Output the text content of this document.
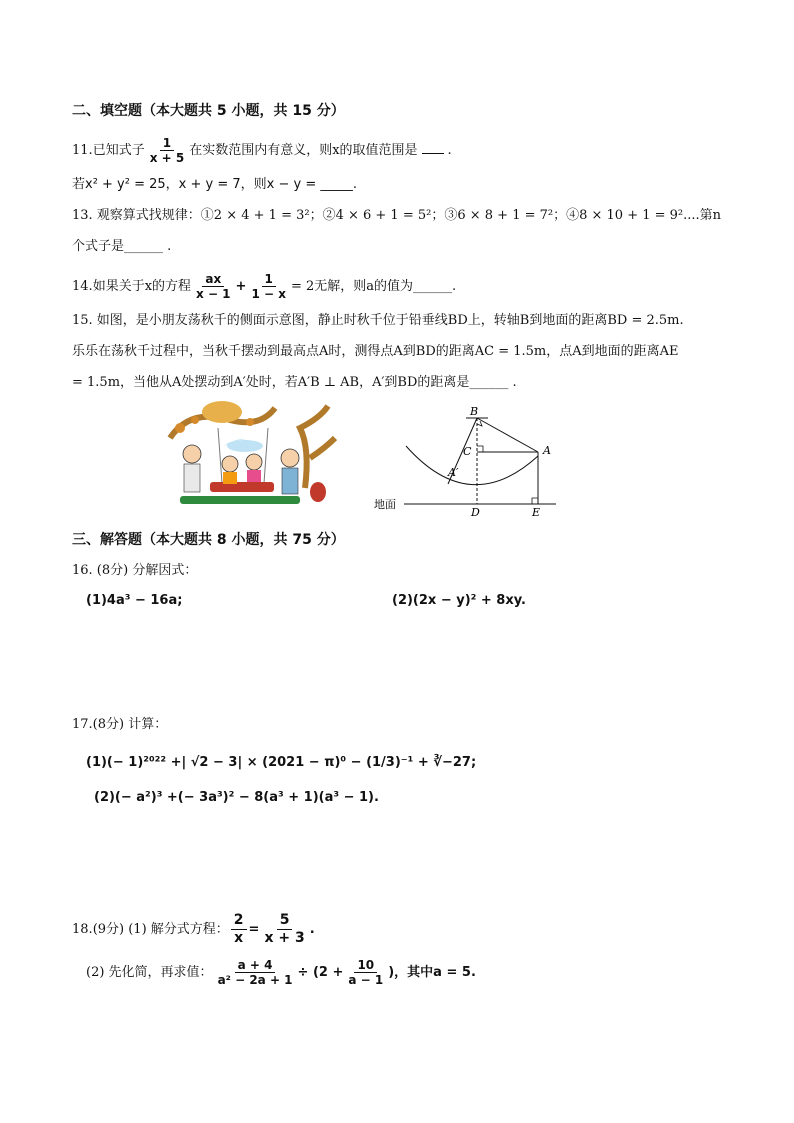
二、填空题（本大题共 5 小题，共 15 分）
11.已知式子 $\frac{1}{x + 5}$ 在实数范围内有意义，则x的取值范围是 .
若x² + y² = 25，x + y = 7，则x − y = _____.
13. 观察算式找规律：①2 × 4 + 1 = 3²；②4 × 6 + 1 = 5²；③6 × 8 + 1 = 7²；④8 × 10 + 1 = 9²....第n
个式子是______ .
14.如果关于x的方程 $\frac{ax}{x - 1} + \frac{1}{1 - x} = 2$无解，则a的值为______.
15. 如图，是小朋友荡秋千的侧面示意图，静止时秋千位于铅垂线BD上，转轴B到地面的距离BD = 2.5m.
乐乐在荡秋千过程中，当秋千摆动到最高点A时，测得点A到BD的距离AC = 1.5m，点A到地面的距离AE
= 1.5m，当他从A处摆动到A′处时，若A′B ⊥ AB，A′到BD的距离是______ .
B
C	A
A′
D	E
地面
三、解答题（本大题共 8 小题，共 75 分）
16. (8分) 分解因式：
(1)4a³ − 16a;	(2)(2x − y)² + 8xy.
17.(8分) 计算：
(1)(− 1)²⁰²² +| √2 − 3| × (2021 − π)⁰ − (1/3)⁻¹ + ∛−27;
(2)(− a²)³ +(− 3a³)² − 8(a³ + 1)(a³ − 1).
18.(9分) (1) 解分式方程： $\frac{2}{x} = \frac{5}{x + 3}$ .
(2) 先化简，再求值： $\frac{a + 4}{\text{a² − 2a + 1}} \div (2 + \frac{10}{a - 1}$ )，其中a = 5.
